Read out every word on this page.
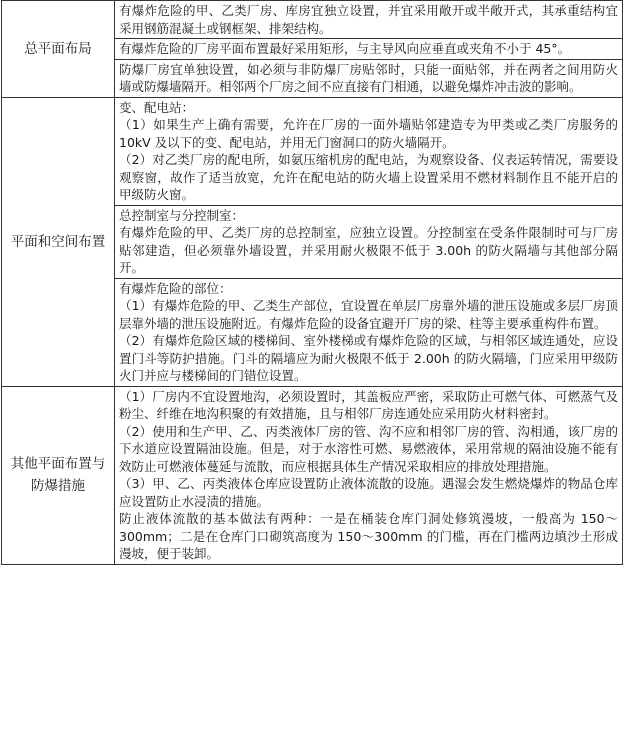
总平面布局	有爆炸危险的甲、乙类厂房、库房宜独立设置，并宜采用敞开或半敞开式，其承重结构宜采用钢筋混凝土或钢框架、排架结构。

	有爆炸危险的厂房平面布置最好采用矩形，与主导风向应垂直或夹角不小于 45°。

	防爆厂房宜单独设置，如必须与非防爆厂房贴邻时，只能一面贴邻，并在两者之间用防火墙或防爆墙隔开。相邻两个厂房之间不应直接有门相通，以避免爆炸冲击波的影响。

平面和空间布置	变、配电站：
（1）如果生产上确有需要，允许在厂房的一面外墙贴邻建造专为甲类或乙类厂房服务的 10kV 及以下的变、配电站，并用无门窗洞口的防火墙隔开。
（2）对乙类厂房的配电所，如氨压缩机房的配电站，为观察设备、仪表运转情况，需要设观察窗，故作了适当放宽，允许在配电站的防火墙上设置采用不燃材料制作且不能开启的甲级防火窗。

	总控制室与分控制室：
有爆炸危险的甲、乙类厂房的总控制室，应独立设置。分控制室在受条件限制时可与厂房贴邻建造，但必须靠外墙设置，并采用耐火极限不低于 3.00h 的防火隔墙与其他部分隔开。

	有爆炸危险的部位：
（1）有爆炸危险的甲、乙类生产部位，宜设置在单层厂房靠外墙的泄压设施或多层厂房顶层靠外墙的泄压设施附近。有爆炸危险的设备宜避开厂房的梁、柱等主要承重构件布置。
（2）有爆炸危险区域的楼梯间、室外楼梯或有爆炸危险的区域，与相邻区域连通处，应设置门斗等防护措施。门斗的隔墙应为耐火极限不低于 2.00h 的防火隔墙，门应采用甲级防火门并应与楼梯间的门错位设置。

其他平面布置与防爆措施	（1）厂房内不宜设置地沟，必须设置时，其盖板应严密，采取防止可燃气体、可燃蒸气及粉尘、纤维在地沟积聚的有效措施，且与相邻厂房连通处应采用防火材料密封。
（2）使用和生产甲、乙、丙类液体厂房的管、沟不应和相邻厂房的管、沟相通，该厂房的下水道应设置隔油设施。但是，对于水溶性可燃、易燃液体，采用常规的隔油设施不能有效防止可燃液体蔓延与流散，而应根据具体生产情况采取相应的排放处理措施。
（3）甲、乙、丙类液体仓库应设置防止液体流散的设施。遇湿会发生燃烧爆炸的物品仓库应设置防止水浸渍的措施。
防止液体流散的基本做法有两种：一是在桶装仓库门洞处修筑漫坡，一般高为 150～300mm；二是在仓库门口砌筑高度为 150～300mm 的门槛，再在门槛两边填沙土形成漫坡，便于装卸。
